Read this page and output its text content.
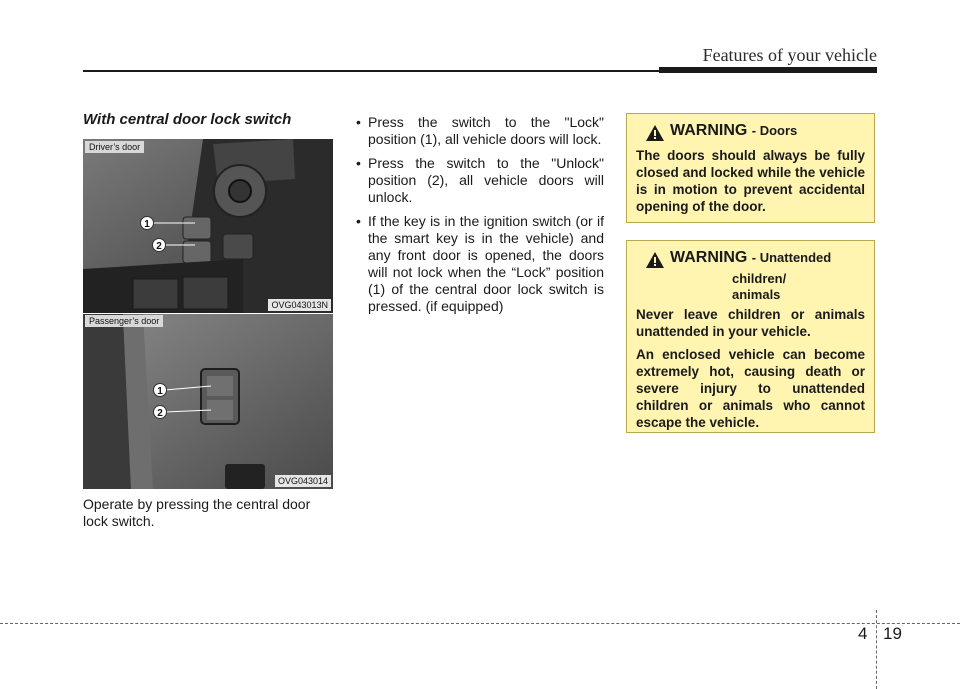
Features of your vehicle
With central door lock switch
1
2
Driver’s door
OVG043013N
1
2
Passenger’s door
OVG043014
Operate by pressing the central door lock switch.
• Press the switch to the "Lock" position (1), all vehicle doors will lock.
• Press the switch to the "Unlock" position (2), all vehicle doors will unlock.
• If the key is in the ignition switch (or if the smart key is in the vehicle) and any front door is opened, the doors will not lock when the “Lock” position (1) of the central door lock switch is pressed. (if equipped)
WARNING - Doors

The doors should always be fully closed and locked while the vehicle is in motion to prevent accidental opening of the door.

WARNING - Unattended
children/
animals

Never leave children or animals unattended in your vehicle.

An enclosed vehicle can become extremely hot, causing death or severe injury to unattended children or animals who cannot escape the vehicle.

4 19
